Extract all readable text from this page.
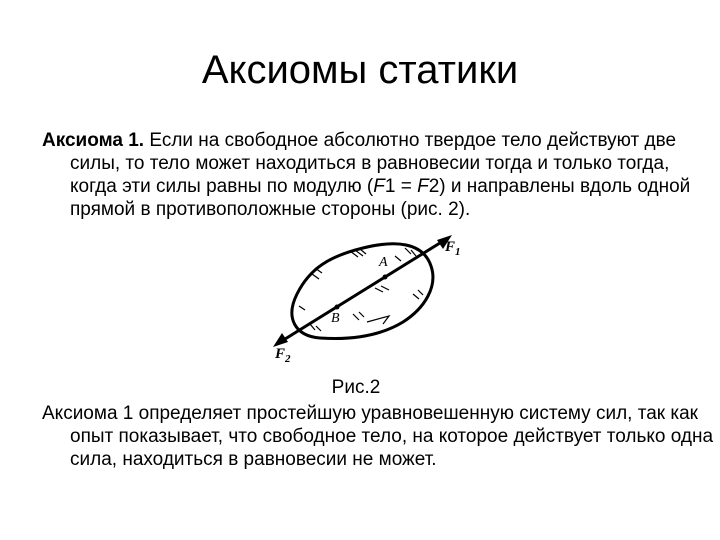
Аксиомы статики
Аксиома 1. Если на свободное абсолютно твердое тело действуют две силы, то тело может находиться в равновесии тогда и только тогда, когда эти силы равны по модулю (F1 = F2) и направлены вдоль одной прямой в противоположные стороны (рис. 2).
A
B
$F_1$
$F_2$
Рис.2
Аксиома 1 определяет простейшую уравновешенную систему сил, так как опыт показывает, что свободное тело, на которое действует только одна сила, находиться в равновесии не может.
